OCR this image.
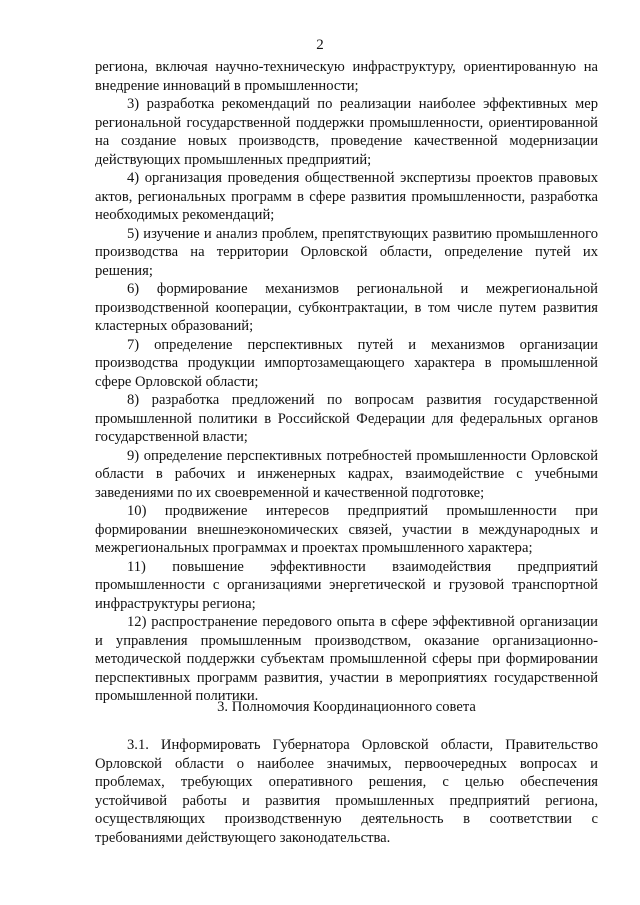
2

региона, включая научно-техническую инфраструктуру, ориентированную на внедрение инноваций в промышленности;

3) разработка рекомендаций по реализации наиболее эффективных мер региональной государственной поддержки промышленности, ориентированной на создание новых производств, проведение качественной модернизации действующих промышленных предприятий;

4) организация проведения общественной экспертизы проектов правовых актов, региональных программ в сфере развития промышленности, разработка необходимых рекомендаций;

5) изучение и анализ проблем, препятствующих развитию промышленного производства на территории Орловской области, определение путей их решения;

6) формирование механизмов региональной и межрегиональной производственной кооперации, субконтрактации, в том числе путем развития кластерных образований;

7) определение перспективных путей и механизмов организации производства продукции импортозамещающего характера в промышленной сфере Орловской области;

8) разработка предложений по вопросам развития государственной промышленной политики в Российской Федерации для федеральных органов государственной власти;

9) определение перспективных потребностей промышленности Орловской области в рабочих и инженерных кадрах, взаимодействие с учебными заведениями по их своевременной и качественной подготовке;

10) продвижение интересов предприятий промышленности при формировании внешнеэкономических связей, участии в международных и межрегиональных программах и проектах промышленного характера;

11) повышение эффективности взаимодействия предприятий промышленности с организациями энергетической и грузовой транспортной инфраструктуры региона;

12) распространение передового опыта в сфере эффективной организации и управления промышленным производством, оказание организационно-методической поддержки субъектам промышленной сферы при формировании перспективных программ развития, участии в мероприятиях государственной промышленной политики.

3. Полномочия Координационного совета

3.1. Информировать Губернатора Орловской области, Правительство Орловской области о наиболее значимых, первоочередных вопросах и проблемах, требующих оперативного решения, с целью обеспечения устойчивой работы и развития промышленных предприятий региона, осуществляющих производственную деятельность в соответствии с требованиями действующего законодательства.
